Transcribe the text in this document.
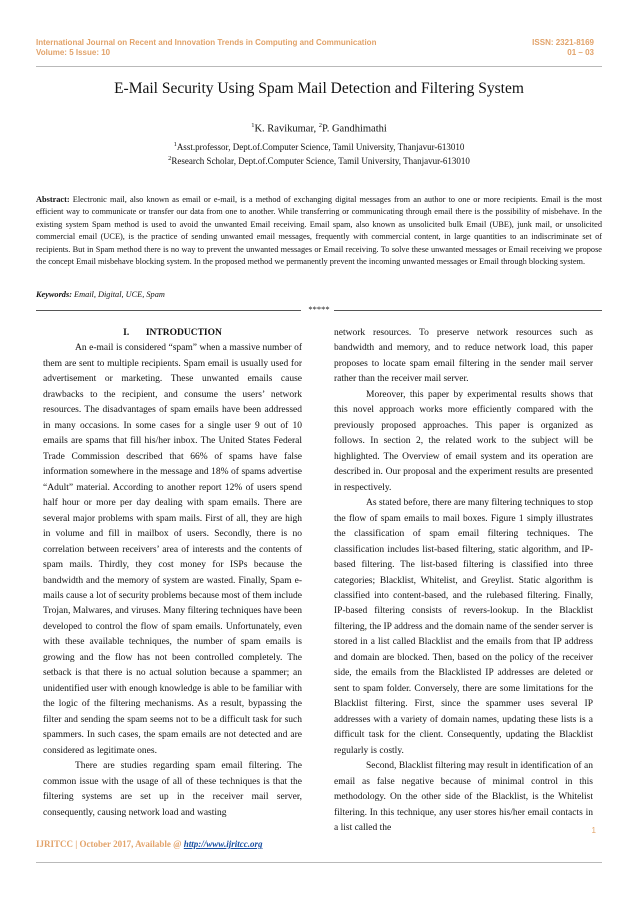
International Journal on Recent and Innovation Trends in Computing and Communication	ISSN: 2321-8169
Volume: 5 Issue: 10	01 – 03
E-Mail Security Using Spam Mail Detection and Filtering System
$^1$K. Ravikumar, $^2$P. Gandhimathi
$^1$Asst.professor, Dept.of.Computer Science, Tamil University, Thanjavur-613010
$^2$Research Scholar, Dept.of.Computer Science, Tamil University, Thanjavur-613010
Abstract: Electronic mail, also known as email or e-mail, is a method of exchanging digital messages from an author to one or more recipients. Email is the most efficient way to communicate or transfer our data from one to another. While transferring or communicating through email there is the possibility of misbehave. In the existing system Spam method is used to avoid the unwanted Email receiving. Email spam, also known as unsolicited bulk Email (UBE), junk mail, or unsolicited commercial email (UCE), is the practice of sending unwanted email messages, frequently with commercial content, in large quantities to an indiscriminate set of recipients. But in Spam method there is no way to prevent the unwanted messages or Email receiving. To solve these unwanted messages or Email receiving we propose the concept Email misbehave blocking system. In the proposed method we permanently prevent the incoming unwanted messages or Email through blocking system.
Keywords: Email, Digital, UCE, Spam
*****

I.       INTRODUCTION

An e-mail is considered “spam” when a massive number of them are sent to multiple recipients. Spam email is usually used for advertisement or marketing. These unwanted emails cause drawbacks to the recipient, and consume the users’ network resources. The disadvantages of spam emails have been addressed in many occasions. In some cases for a single user 9 out of 10 emails are spams that fill his/her inbox. The United States Federal Trade Commission described that 66% of spams have false information somewhere in the message and 18% of spams advertise “Adult” material. According to another report 12% of users spend half hour or more per day dealing with spam emails. There are several major problems with spam mails. First of all, they are high in volume and fill in mailbox of users. Secondly, there is no correlation between receivers’ area of interests and the contents of spam mails. Thirdly, they cost money for ISPs because the bandwidth and the memory of system are wasted. Finally, Spam e-mails cause a lot of security problems because most of them include Trojan, Malwares, and viruses. Many filtering techniques have been developed to control the flow of spam emails. Unfortunately, even with these available techniques, the number of spam emails is growing and the flow has not been controlled completely. The setback is that there is no actual solution because a spammer; an unidentified user with enough knowledge is able to be familiar with the logic of the filtering mechanisms. As a result, bypassing the filter and sending the spam seems not to be a difficult task for such spammers. In such cases, the spam emails are not detected and are considered as legitimate ones.

There are studies regarding spam email filtering. The common issue with the usage of all of these techniques is that the filtering systems are set up in the receiver mail server, consequently, causing network load and wasting

network resources. To preserve network resources such as bandwidth and memory, and to reduce network load, this paper proposes to locate spam email filtering in the sender mail server rather than the receiver mail server.

Moreover, this paper by experimental results shows that this novel approach works more efficiently compared with the previously proposed approaches. This paper is organized as follows. In section 2, the related work to the subject will be highlighted. The Overview of email system and its operation are described in. Our proposal and the experiment results are presented in respectively.

As stated before, there are many filtering techniques to stop the flow of spam emails to mail boxes. Figure 1 simply illustrates the classification of spam email filtering techniques. The classification includes list-based filtering, static algorithm, and IP-based filtering. The list-based filtering is classified into three categories; Blacklist, Whitelist, and Greylist. Static algorithm is classified into content-based, and the rulebased filtering. Finally, IP-based filtering consists of revers-lookup. In the Blacklist filtering, the IP address and the domain name of the sender server is stored in a list called Blacklist and the emails from that IP address and domain are blocked. Then, based on the policy of the receiver side, the emails from the Blacklisted IP addresses are deleted or sent to spam folder. Conversely, there are some limitations for the Blacklist filtering. First, since the spammer uses several IP addresses with a variety of domain names, updating these lists is a difficult task for the client. Consequently, updating the Blacklist regularly is costly.

Second, Blacklist filtering may result in identification of an email as false negative because of minimal control in this methodology. On the other side of the Blacklist, is the Whitelist filtering. In this technique, any user stores his/her email contacts in a list called the	1
IJRITCC | October 2017, Available @ http://www.ijritcc.org
